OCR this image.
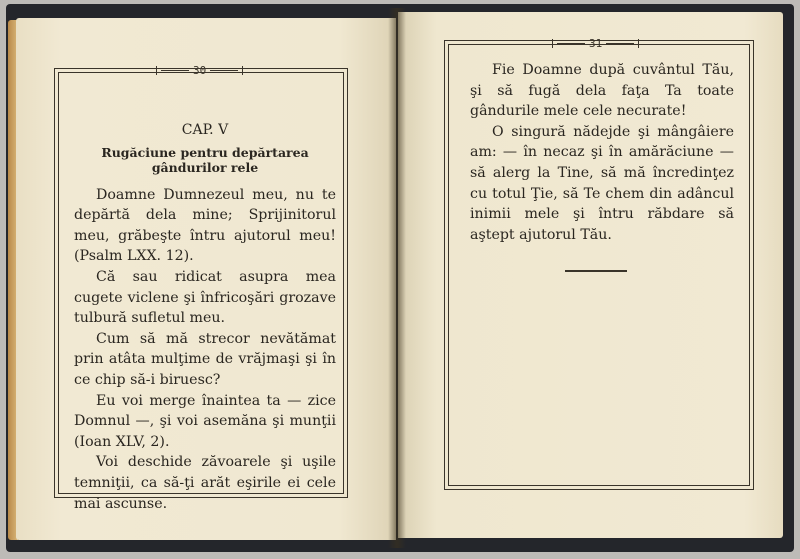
30
CAP. V
Rugăciune pentru depărtarea gândurilor rele

Doamne Dumnezeul meu, nu te depărtă dela mine; Sprijinitorul meu, grăbeşte întru ajutorul meu! (Psalm LXX. 12).

Că sau ridicat asupra mea cugete viclene şi înfricoşări grozave tulbură sufletul meu.

Cum să mă strecor nevătămat prin atâta mulţime de vrăjmaşi şi în ce chip să-i biruesc?

Eu voi merge înaintea ta — zice Domnul —, şi voi asemăna şi munţii (Ioan XLV, 2).

Voi deschide zăvoarele şi uşile temniţii, ca să-ţi arăt eşirile ei cele mai ascunse.

31

Fie Doamne după cuvântul Tău, şi să fugă dela faţa Ta toate gândurile mele cele necurate!

O singură nădejde şi mângâiere am: — în necaz şi în amărăciune — să alerg la Tine, să mă încredinţez cu totul Ţie, să Te chem din adâncul inimii mele şi întru răbdare să aştept ajutorul Tău.
